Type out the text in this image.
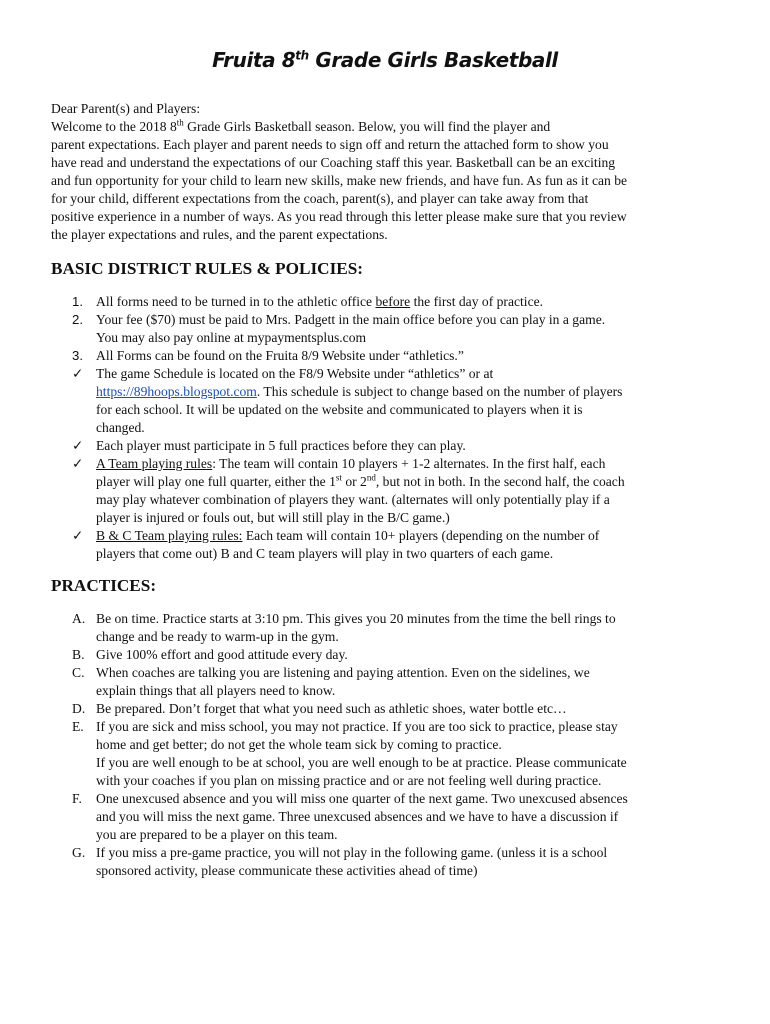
Fruita 8th Grade Girls Basketball
Dear Parent(s) and Players:
Welcome to the 2018 8th Grade Girls Basketball season. Below, you will find the player and
parent expectations. Each player and parent needs to sign off and return the attached form to show you
have read and understand the expectations of our Coaching staff this year. Basketball can be an exciting
and fun opportunity for your child to learn new skills, make new friends, and have fun. As fun as it can be
for your child, different expectations from the coach, parent(s), and player can take away from that
positive experience in a number of ways. As you read through this letter please make sure that you review
the player expectations and rules, and the parent expectations.
BASIC DISTRICT RULES & POLICIES:
1. All forms need to be turned in to the athletic office before the first day of practice.
2. Your fee ($70) must be paid to Mrs. Padgett in the main office before you can play in a game.
You may also pay online at mypaymentsplus.com
3. All Forms can be found on the Fruita 8/9 Website under “athletics.”
✓ The game Schedule is located on the F8/9 Website under “athletics” or at
https://89hoops.blogspot.com. This schedule is subject to change based on the number of players
for each school. It will be updated on the website and communicated to players when it is
changed.
✓ Each player must participate in 5 full practices before they can play.
✓ A Team playing rules: The team will contain 10 players + 1-2 alternates. In the first half, each
player will play one full quarter, either the 1st or 2nd, but not in both. In the second half, the coach
may play whatever combination of players they want. (alternates will only potentially play if a
player is injured or fouls out, but will still play in the B/C game.)
✓ B & C Team playing rules: Each team will contain 10+ players (depending on the number of
players that come out) B and C team players will play in two quarters of each game.
PRACTICES:
A. Be on time. Practice starts at 3:10 pm. This gives you 20 minutes from the time the bell rings to
change and be ready to warm-up in the gym.
B. Give 100% effort and good attitude every day.
C. When coaches are talking you are listening and paying attention. Even on the sidelines, we
explain things that all players need to know.
D. Be prepared. Don’t forget that what you need such as athletic shoes, water bottle etc…
E. If you are sick and miss school, you may not practice. If you are too sick to practice, please stay
home and get better; do not get the whole team sick by coming to practice.
If you are well enough to be at school, you are well enough to be at practice. Please communicate
with your coaches if you plan on missing practice and or are not feeling well during practice.
F.	One unexcused absence and you will miss one quarter of the next game. Two unexcused absences
and you will miss the next game. Three unexcused absences and we have to have a discussion if
you are prepared to be a player on this team.
G. If you miss a pre-game practice, you will not play in the following game. (unless it is a school
sponsored activity, please communicate these activities ahead of time)
